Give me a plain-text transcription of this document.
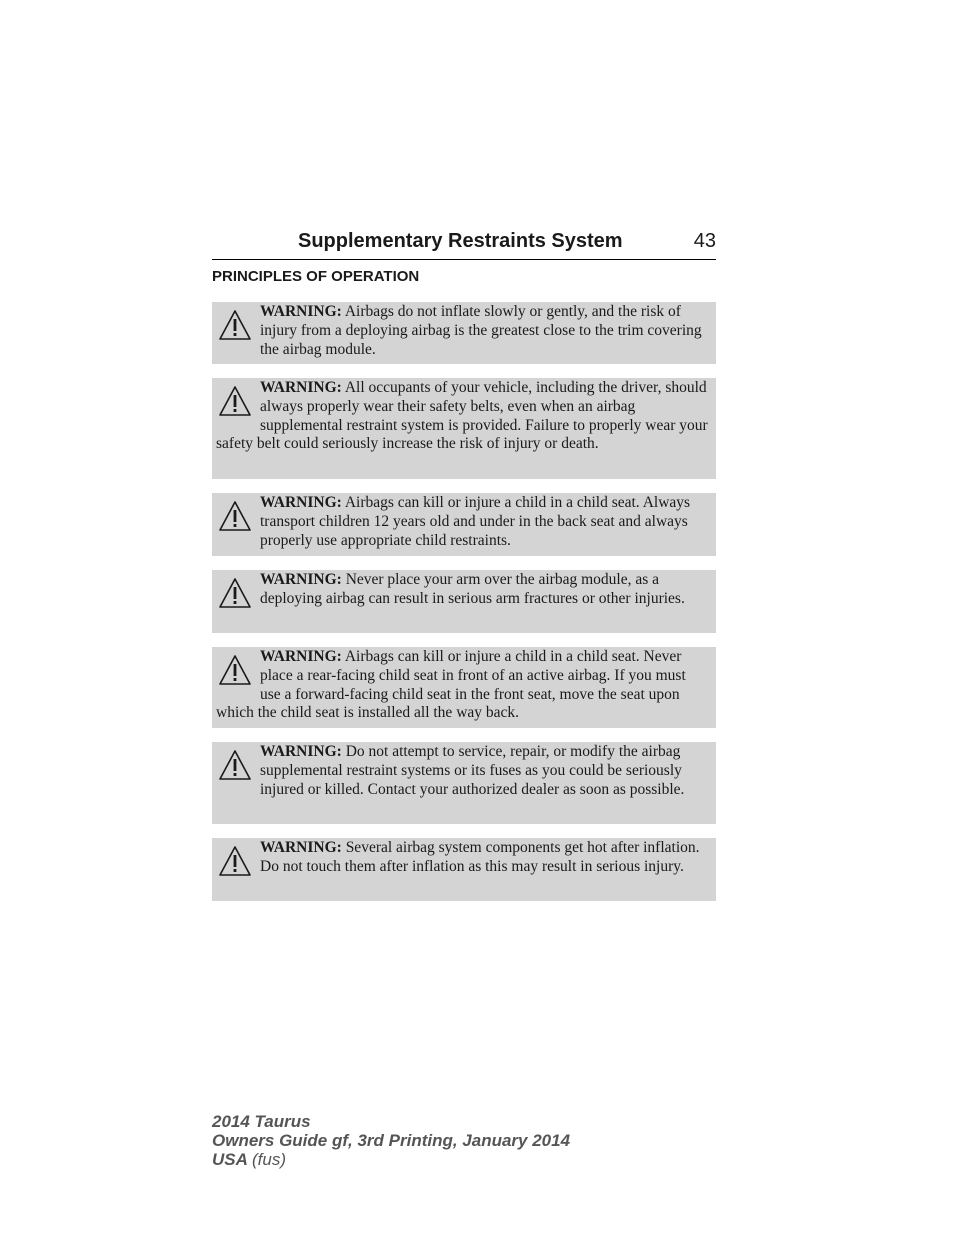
Supplementary Restraints System	43
PRINCIPLES OF OPERATION
WARNING: Airbags do not inflate slowly or gently, and the risk of injury from a deploying airbag is the greatest close to the trim covering the airbag module.
WARNING: All occupants of your vehicle, including the driver, should always properly wear their safety belts, even when an airbag supplemental restraint system is provided. Failure to properly wear your safety belt could seriously increase the risk of injury or death.
WARNING: Airbags can kill or injure a child in a child seat. Always transport children 12 years old and under in the back seat and always properly use appropriate child restraints.
WARNING: Never place your arm over the airbag module, as a deploying airbag can result in serious arm fractures or other injuries.
WARNING: Airbags can kill or injure a child in a child seat. Never place a rear-facing child seat in front of an active airbag. If you must use a forward-facing child seat in the front seat, move the seat upon which the child seat is installed all the way back.
WARNING: Do not attempt to service, repair, or modify the airbag supplemental restraint systems or its fuses as you could be seriously injured or killed. Contact your authorized dealer as soon as possible.
WARNING: Several airbag system components get hot after inflation. Do not touch them after inflation as this may result in serious injury.
2014 Taurus
Owners Guide gf, 3rd Printing, January 2014
USA (fus)
